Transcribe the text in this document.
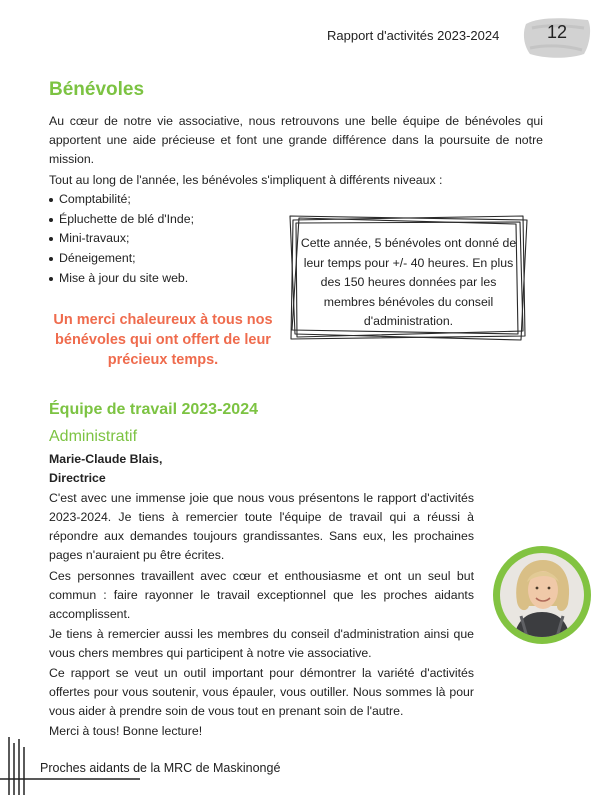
Rapport d'activités 2023-2024	12
Bénévoles

Au cœur de notre vie associative, nous retrouvons une belle équipe de bénévoles qui apportent une aide précieuse et font une grande différence dans la poursuite de notre mission.

Tout au long de l'année, les bénévoles s'impliquent à différents niveaux :

Comptabilité;
Épluchette de blé d'Inde;
Mini-travaux;
Déneigement;
Mise à jour du site web.

Un merci chaleureux à tous nos bénévoles qui ont offert de leur précieux temps.

Cette année, 5 bénévoles ont donné de leur temps pour +/- 40 heures. En plus des 150 heures données par les membres bénévoles du conseil d'administration.

Équipe de travail 2023-2024
Administratif

Marie-Claude Blais,

Directrice

C'est avec une immense joie que nous vous présentons le rapport d'activités 2023-2024. Je tiens à remercier toute l'équipe de travail qui a réussi à répondre aux demandes toujours grandissantes. Sans eux, les prochaines pages n'auraient pu être écrites.

Ces personnes travaillent avec cœur et enthousiasme et ont un seul but commun : faire rayonner le travail exceptionnel que les proches aidants accomplissent.

Je tiens à remercier aussi les membres du conseil d'administration ainsi que vous chers membres qui participent à notre vie associative.

Ce rapport se veut un outil important pour démontrer la variété d'activités offertes pour vous soutenir, vous épauler, vous outiller. Nous sommes là pour vous aider à prendre soin de vous tout en prenant soin de l'autre.

Merci à tous! Bonne lecture!

Proches aidants de la MRC de Maskinongé
